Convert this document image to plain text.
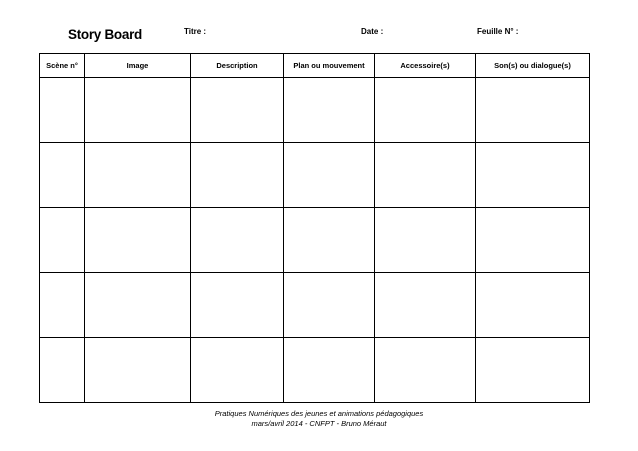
Story Board	Titre :	Date :	Feuille N° :
Scène n°	Image	Description	Plan ou mouvement	Accessoire(s)	Son(s) ou dialogue(s)

Pratiques Numériques des jeunes et animations pédagogiques
mars/avril 2014 - CNFPT - Bruno Méraut
